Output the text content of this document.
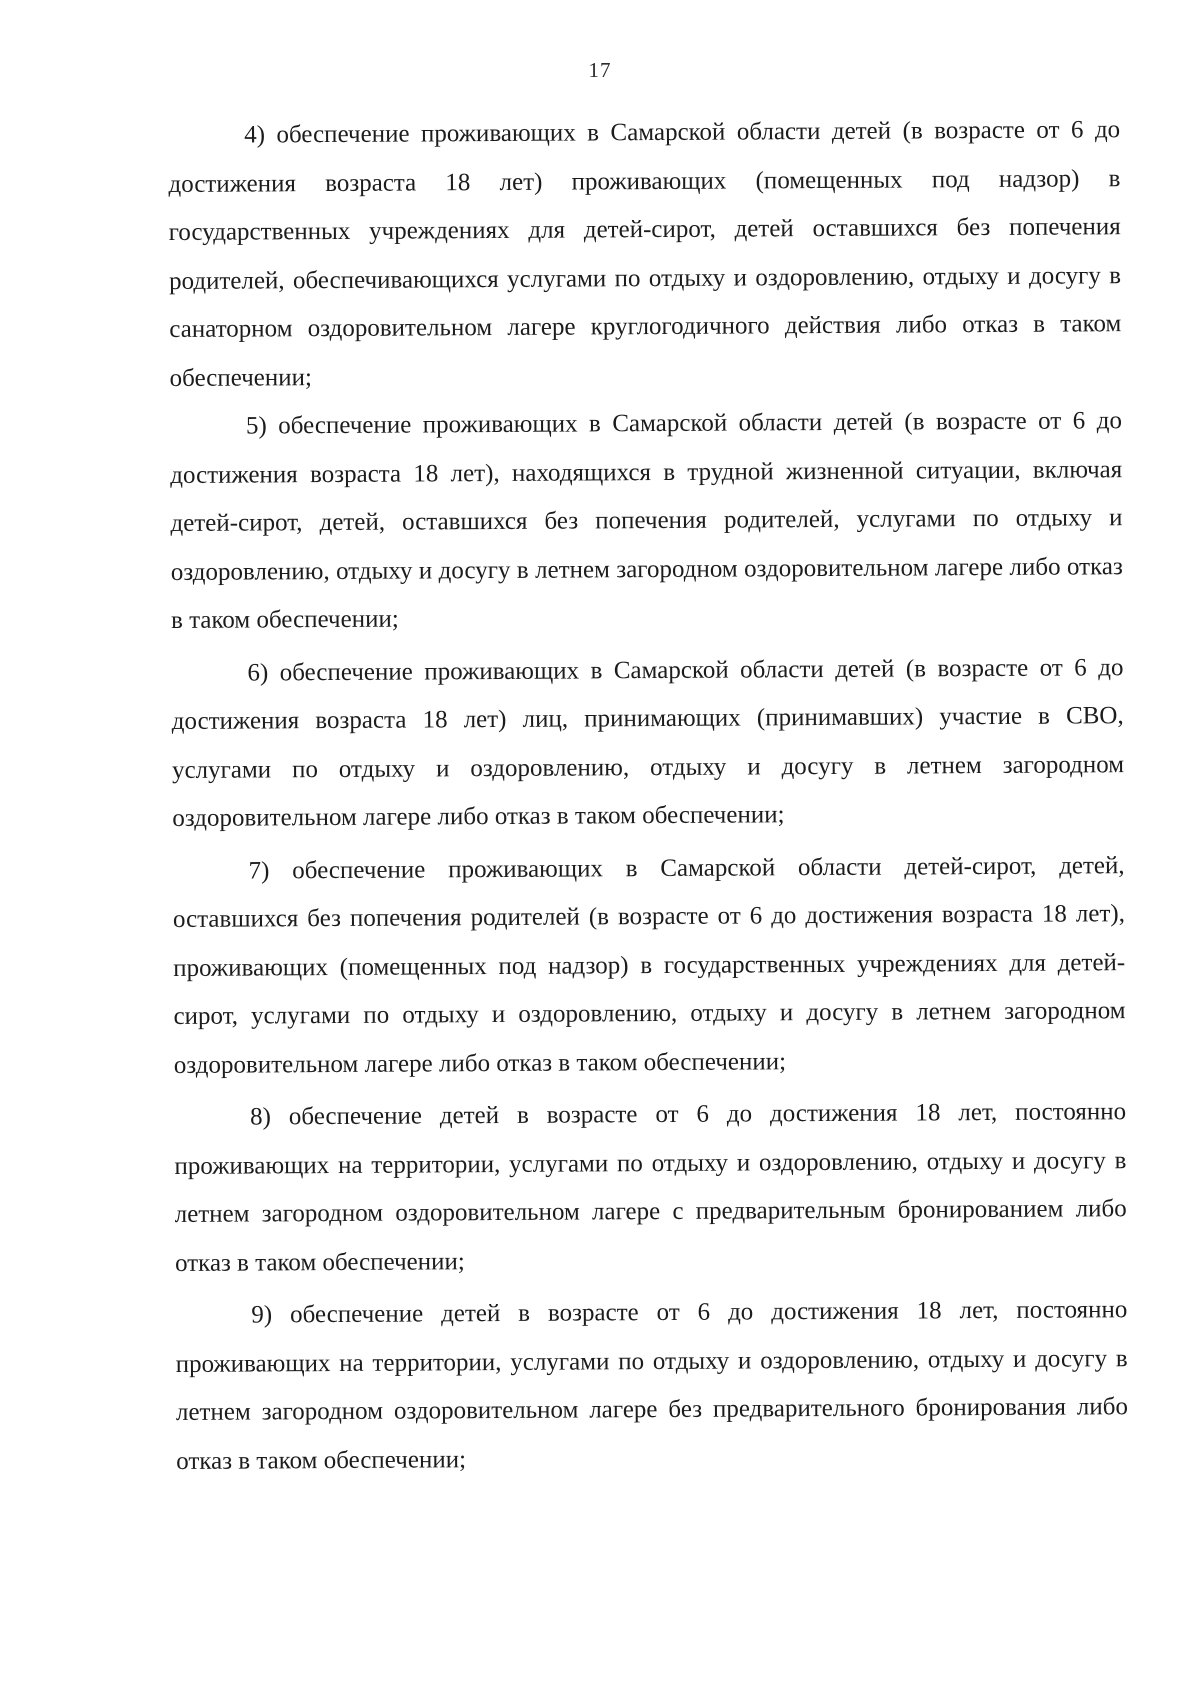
17

4) обеспечение проживающих в Самарской области детей (в возрасте от 6 до достижения возраста 18 лет) проживающих (помещенных под надзор) в государственных учреждениях для детей-сирот, детей оставшихся без попечения родителей, обеспечивающихся услугами по отдыху и оздоровлению, отдыху и досугу в санаторном оздоровительном лагере круглогодичного действия либо отказ в таком обеспечении;

5) обеспечение проживающих в Самарской области детей (в возрасте от 6 до достижения возраста 18 лет), находящихся в трудной жизненной ситуации, включая детей-сирот, детей, оставшихся без попечения родителей, услугами по отдыху и оздоровлению, отдыху и досугу в летнем загородном оздоровительном лагере либо отказ в таком обеспечении;

6) обеспечение проживающих в Самарской области детей (в возрасте от 6 до достижения возраста 18 лет) лиц, принимающих (принимавших) участие в СВО, услугами по отдыху и оздоровлению, отдыху и досугу в летнем загородном оздоровительном лагере либо отказ в таком обеспечении;

7) обеспечение проживающих в Самарской области детей-сирот, детей, оставшихся без попечения родителей (в возрасте от 6 до достижения возраста 18 лет), проживающих (помещенных под надзор) в государственных учреждениях для детей-сирот, услугами по отдыху и оздоровлению, отдыху и досугу в летнем загородном оздоровительном лагере либо отказ в таком обеспечении;

8) обеспечение детей в возрасте от 6 до достижения 18 лет, постоянно проживающих на территории, услугами по отдыху и оздоровлению, отдыху и досугу в летнем загородном оздоровительном лагере с предварительным бронированием либо отказ в таком обеспечении;

9) обеспечение детей в возрасте от 6 до достижения 18 лет, постоянно проживающих на территории, услугами по отдыху и оздоровлению, отдыху и досугу в летнем загородном оздоровительном лагере без предварительного бронирования либо отказ в таком обеспечении;
